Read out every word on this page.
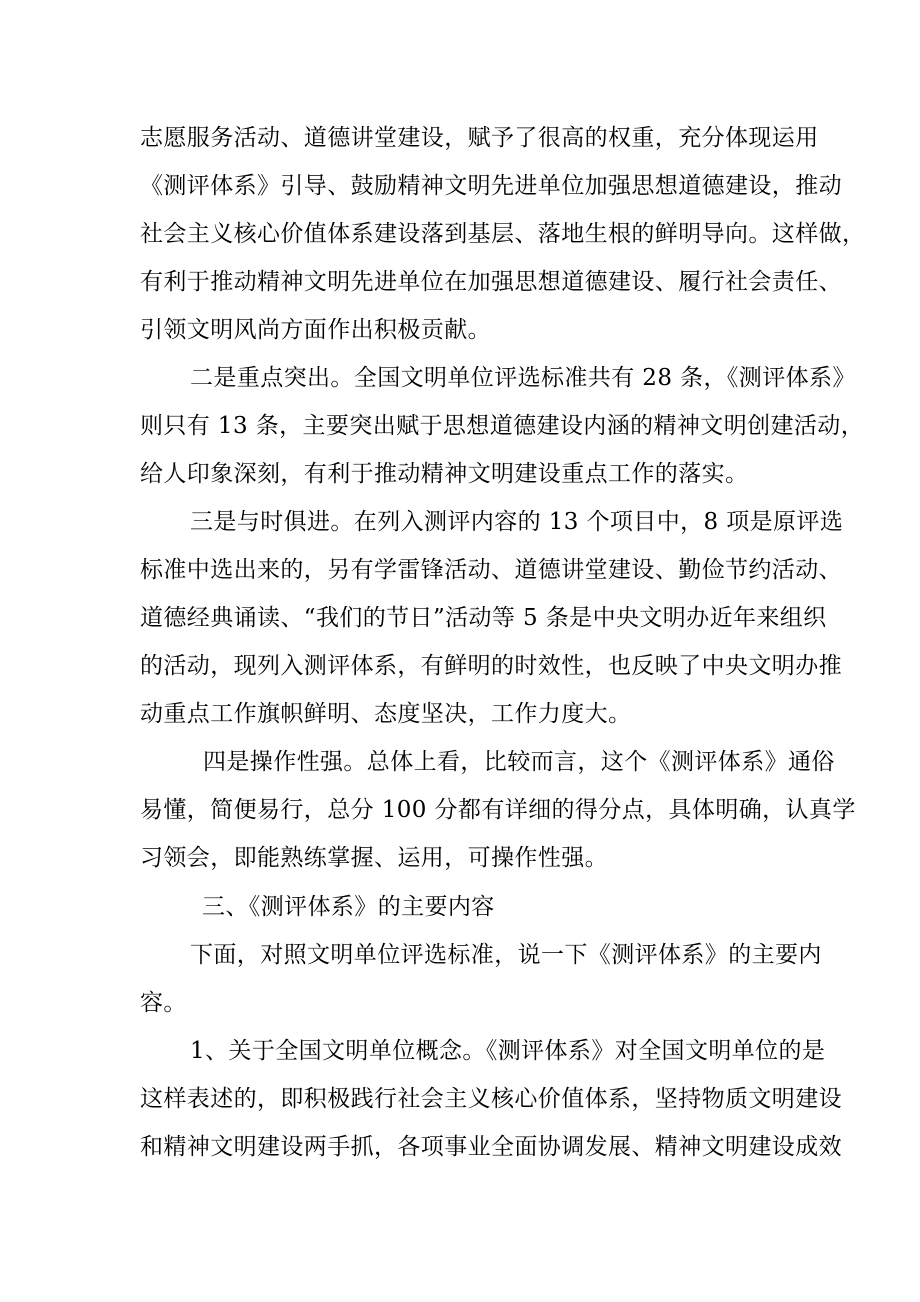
志愿服务活动、道德讲堂建设，赋予了很高的权重，充分体现运用
《测评体系》引导、鼓励精神文明先进单位加强思想道德建设，推动
社会主义核心价值体系建设落到基层、落地生根的鲜明导向。这样做，
有利于推动精神文明先进单位在加强思想道德建设、履行社会责任、
引领文明风尚方面作出积极贡献。
二是重点突出。全国文明单位评选标准共有 28 条，《测评体系》
则只有 13 条，主要突出赋于思想道德建设内涵的精神文明创建活动，
给人印象深刻，有利于推动精神文明建设重点工作的落实。
三是与时俱进。在列入测评内容的 13 个项目中，8 项是原评选
标准中选出来的，另有学雷锋活动、道德讲堂建设、勤俭节约活动、
道德经典诵读、“我们的节日”活动等 5 条是中央文明办近年来组织
的活动，现列入测评体系，有鲜明的时效性，也反映了中央文明办推
动重点工作旗帜鲜明、态度坚决，工作力度大。
四是操作性强。总体上看，比较而言，这个《测评体系》通俗
易懂，简便易行，总分 100 分都有详细的得分点，具体明确，认真学
习领会，即能熟练掌握、运用，可操作性强。
三、《测评体系》的主要内容
下面，对照文明单位评选标准，说一下《测评体系》的主要内
容。
1、关于全国文明单位概念。《测评体系》对全国文明单位的是
这样表述的，即积极践行社会主义核心价值体系，坚持物质文明建设
和精神文明建设两手抓，各项事业全面协调发展、精神文明建设成效
